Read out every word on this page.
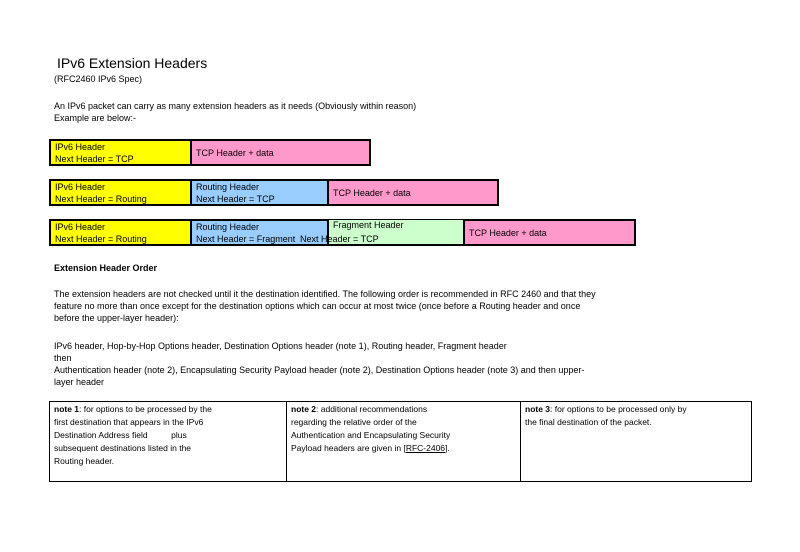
IPv6 Extension Headers
(RFC2460 IPv6 Spec)
An IPv6 packet can carry as many extension headers as it needs (Obviously within reason)
Example are below:-
IPv6 Header
Next Header = TCP
TCP Header + data
IPv6 Header
Next Header = Routing
Routing Header
Next Header = TCP
TCP Header + data
IPv6 Header
Next Header = Routing
Routing Header
Next Header = Fragment
Fragment Header
Next Header = TCP
TCP Header + data
Extension Header Order
The extension headers are not checked until it the destination identified. The following order is recommended in RFC 2460 and that they
feature no more than once except for the destination options which can occur at most twice (once before a Routing header and once
before the upper-layer header):
IPv6 header, Hop-by-Hop Options header, Destination Options header (note 1), Routing header, Fragment header
then
Authentication header (note 2), Encapsulating Security Payload header (note 2), Destination Options header (note 3) and then upper-
layer header
note 1: for options to be processed by the
first destination that appears in the IPv6
Destination Address field          plus
subsequent destinations listed in the
Routing header.
note 2: additional recommendations
regarding the relative order of the
Authentication and Encapsulating Security
Payload headers are given in [RFC-2406].
note 3: for options to be processed only by
the final destination of the packet.
